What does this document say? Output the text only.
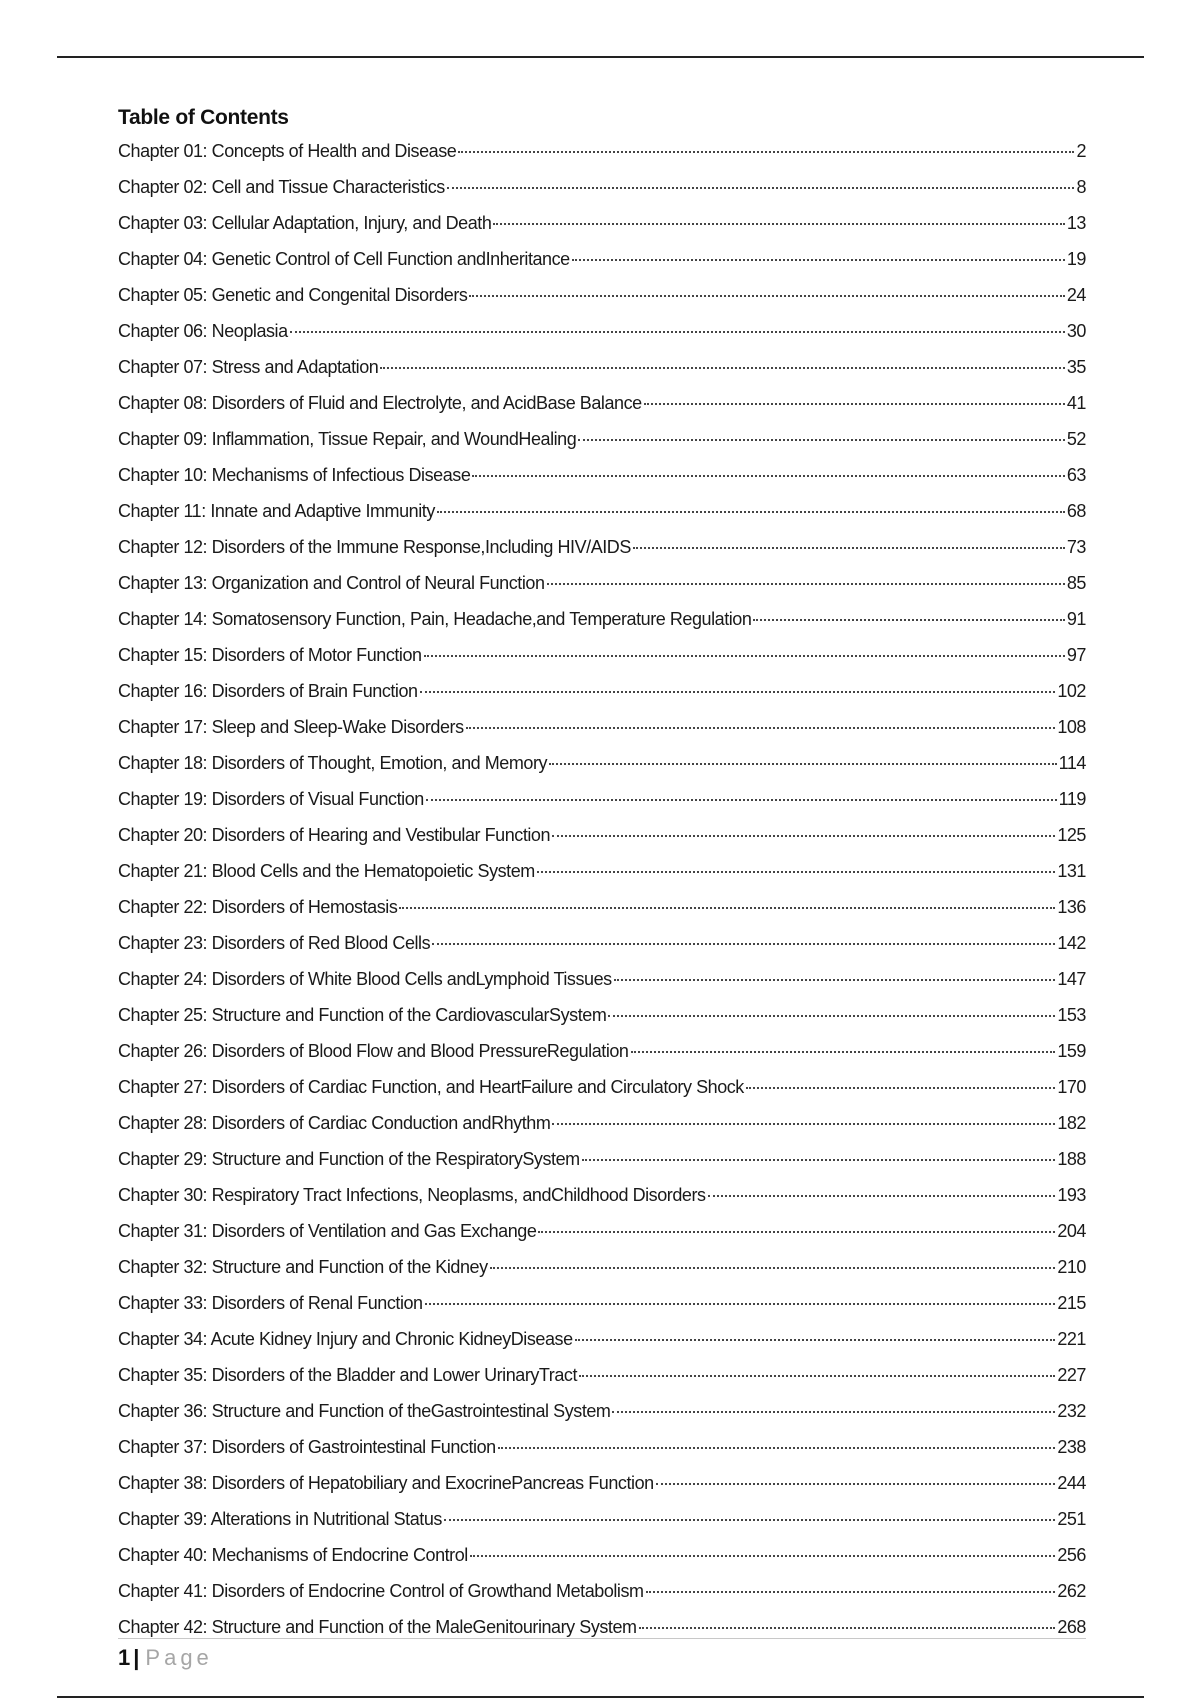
Table of Contents
Chapter 01: Concepts of Health and Disease	2
Chapter 02: Cell and Tissue Characteristics	8
Chapter 03: Cellular Adaptation, Injury, and Death	13
Chapter 04: Genetic Control of Cell Function andInheritance	19
Chapter 05: Genetic and Congenital Disorders	24
Chapter 06: Neoplasia	30
Chapter 07: Stress and Adaptation	35
Chapter 08: Disorders of Fluid and Electrolyte, and AcidBase Balance	41
Chapter 09: Inflammation, Tissue Repair, and WoundHealing	52
Chapter 10: Mechanisms of Infectious Disease	63
Chapter 11: Innate and Adaptive Immunity	68
Chapter 12: Disorders of the Immune Response,Including HIV/AIDS	73
Chapter 13: Organization and Control of Neural Function	85
Chapter 14: Somatosensory Function, Pain, Headache,and Temperature Regulation	91
Chapter 15: Disorders of Motor Function	97
Chapter 16: Disorders of Brain Function	102
Chapter 17: Sleep and Sleep-Wake Disorders	108
Chapter 18: Disorders of Thought, Emotion, and Memory	114
Chapter 19: Disorders of Visual Function	119
Chapter 20: Disorders of Hearing and Vestibular Function	125
Chapter 21: Blood Cells and the Hematopoietic System	131
Chapter 22: Disorders of Hemostasis	136
Chapter 23: Disorders of Red Blood Cells	142
Chapter 24: Disorders of White Blood Cells andLymphoid Tissues	147
Chapter 25: Structure and Function of the CardiovascularSystem	153
Chapter 26: Disorders of Blood Flow and Blood PressureRegulation	159
Chapter 27: Disorders of Cardiac Function, and HeartFailure and Circulatory Shock	170
Chapter 28: Disorders of Cardiac Conduction andRhythm	182
Chapter 29: Structure and Function of the RespiratorySystem	188
Chapter 30: Respiratory Tract Infections, Neoplasms, andChildhood Disorders	193
Chapter 31: Disorders of Ventilation and Gas Exchange	204
Chapter 32: Structure and Function of the Kidney	210
Chapter 33: Disorders of Renal Function	215
Chapter 34: Acute Kidney Injury and Chronic KidneyDisease	221
Chapter 35: Disorders of the Bladder and Lower UrinaryTract	227
Chapter 36: Structure and Function of theGastrointestinal System	232
Chapter 37: Disorders of Gastrointestinal Function	238
Chapter 38: Disorders of Hepatobiliary and ExocrinePancreas Function	244
Chapter 39: Alterations in Nutritional Status	251
Chapter 40: Mechanisms of Endocrine Control	256
Chapter 41: Disorders of Endocrine Control of Growthand Metabolism	262
Chapter 42: Structure and Function of the MaleGenitourinary System	268
1 | Page
